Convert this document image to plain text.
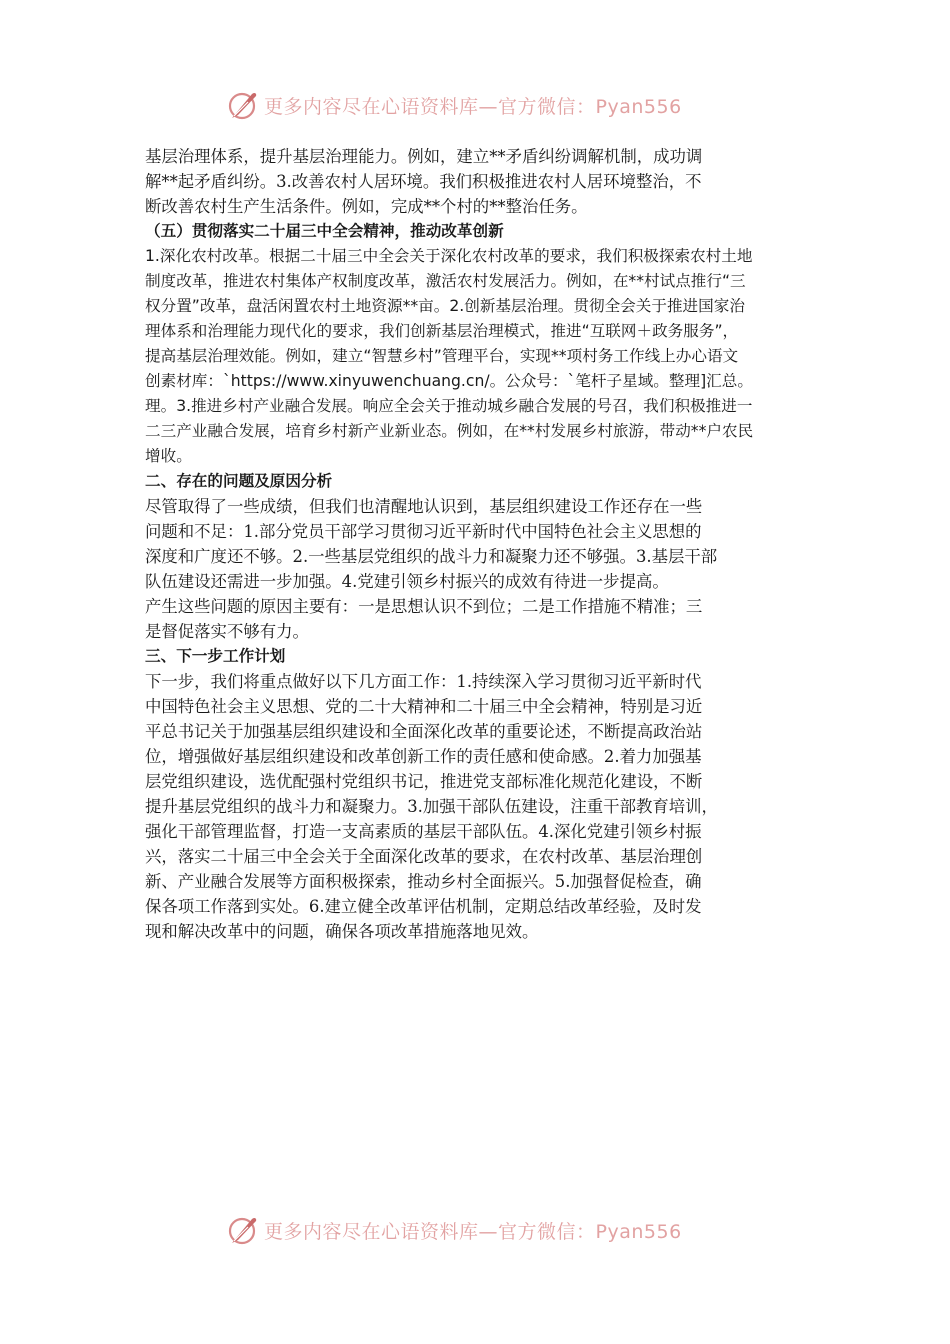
更多内容尽在心语资料库—官方微信：Pyan556
基层治理体系，提升基层治理能力。例如，建立**矛盾纠纷调解机制，成功调
解**起矛盾纠纷。3.改善农村人居环境。我们积极推进农村人居环境整治，不
断改善农村生产生活条件。例如，完成**个村的**整治任务。
（五）贯彻落实二十届三中全会精神，推动改革创新
1.深化农村改革。根据二十届三中全会关于深化农村改革的要求，我们积极探索农村土地
制度改革，推进农村集体产权制度改革，激活农村发展活力。例如，在**村试点推行“三
权分置”改革，盘活闲置农村土地资源**亩。2.创新基层治理。贯彻全会关于推进国家治
理体系和治理能力现代化的要求，我们创新基层治理模式，推进“互联网＋政务服务”，
提高基层治理效能。例如，建立“智慧乡村”管理平台，实现**项村务工作线上办心语文
创素材库：`https://www.xinyuwenchuang.cn/。公众号：`笔杆子星域。整理]汇总。
理。3.推进乡村产业融合发展。响应全会关于推动城乡融合发展的号召，我们积极推进一
二三产业融合发展，培育乡村新产业新业态。例如，在**村发展乡村旅游，带动**户农民
增收。
二、存在的问题及原因分析
尽管取得了一些成绩，但我们也清醒地认识到，基层组织建设工作还存在一些
问题和不足：1.部分党员干部学习贯彻习近平新时代中国特色社会主义思想的
深度和广度还不够。2.一些基层党组织的战斗力和凝聚力还不够强。3.基层干部
队伍建设还需进一步加强。4.党建引领乡村振兴的成效有待进一步提高。
产生这些问题的原因主要有：一是思想认识不到位；二是工作措施不精准；三
是督促落实不够有力。
三、下一步工作计划
下一步，我们将重点做好以下几方面工作：1.持续深入学习贯彻习近平新时代
中国特色社会主义思想、党的二十大精神和二十届三中全会精神，特别是习近
平总书记关于加强基层组织建设和全面深化改革的重要论述，不断提高政治站
位，增强做好基层组织建设和改革创新工作的责任感和使命感。2.着力加强基
层党组织建设，选优配强村党组织书记，推进党支部标准化规范化建设，不断
提升基层党组织的战斗力和凝聚力。3.加强干部队伍建设，注重干部教育培训，
强化干部管理监督，打造一支高素质的基层干部队伍。4.深化党建引领乡村振
兴，落实二十届三中全会关于全面深化改革的要求，在农村改革、基层治理创
新、产业融合发展等方面积极探索，推动乡村全面振兴。5.加强督促检查，确
保各项工作落到实处。6.建立健全改革评估机制，定期总结改革经验，及时发
现和解决改革中的问题，确保各项改革措施落地见效。
更多内容尽在心语资料库—官方微信：Pyan556
